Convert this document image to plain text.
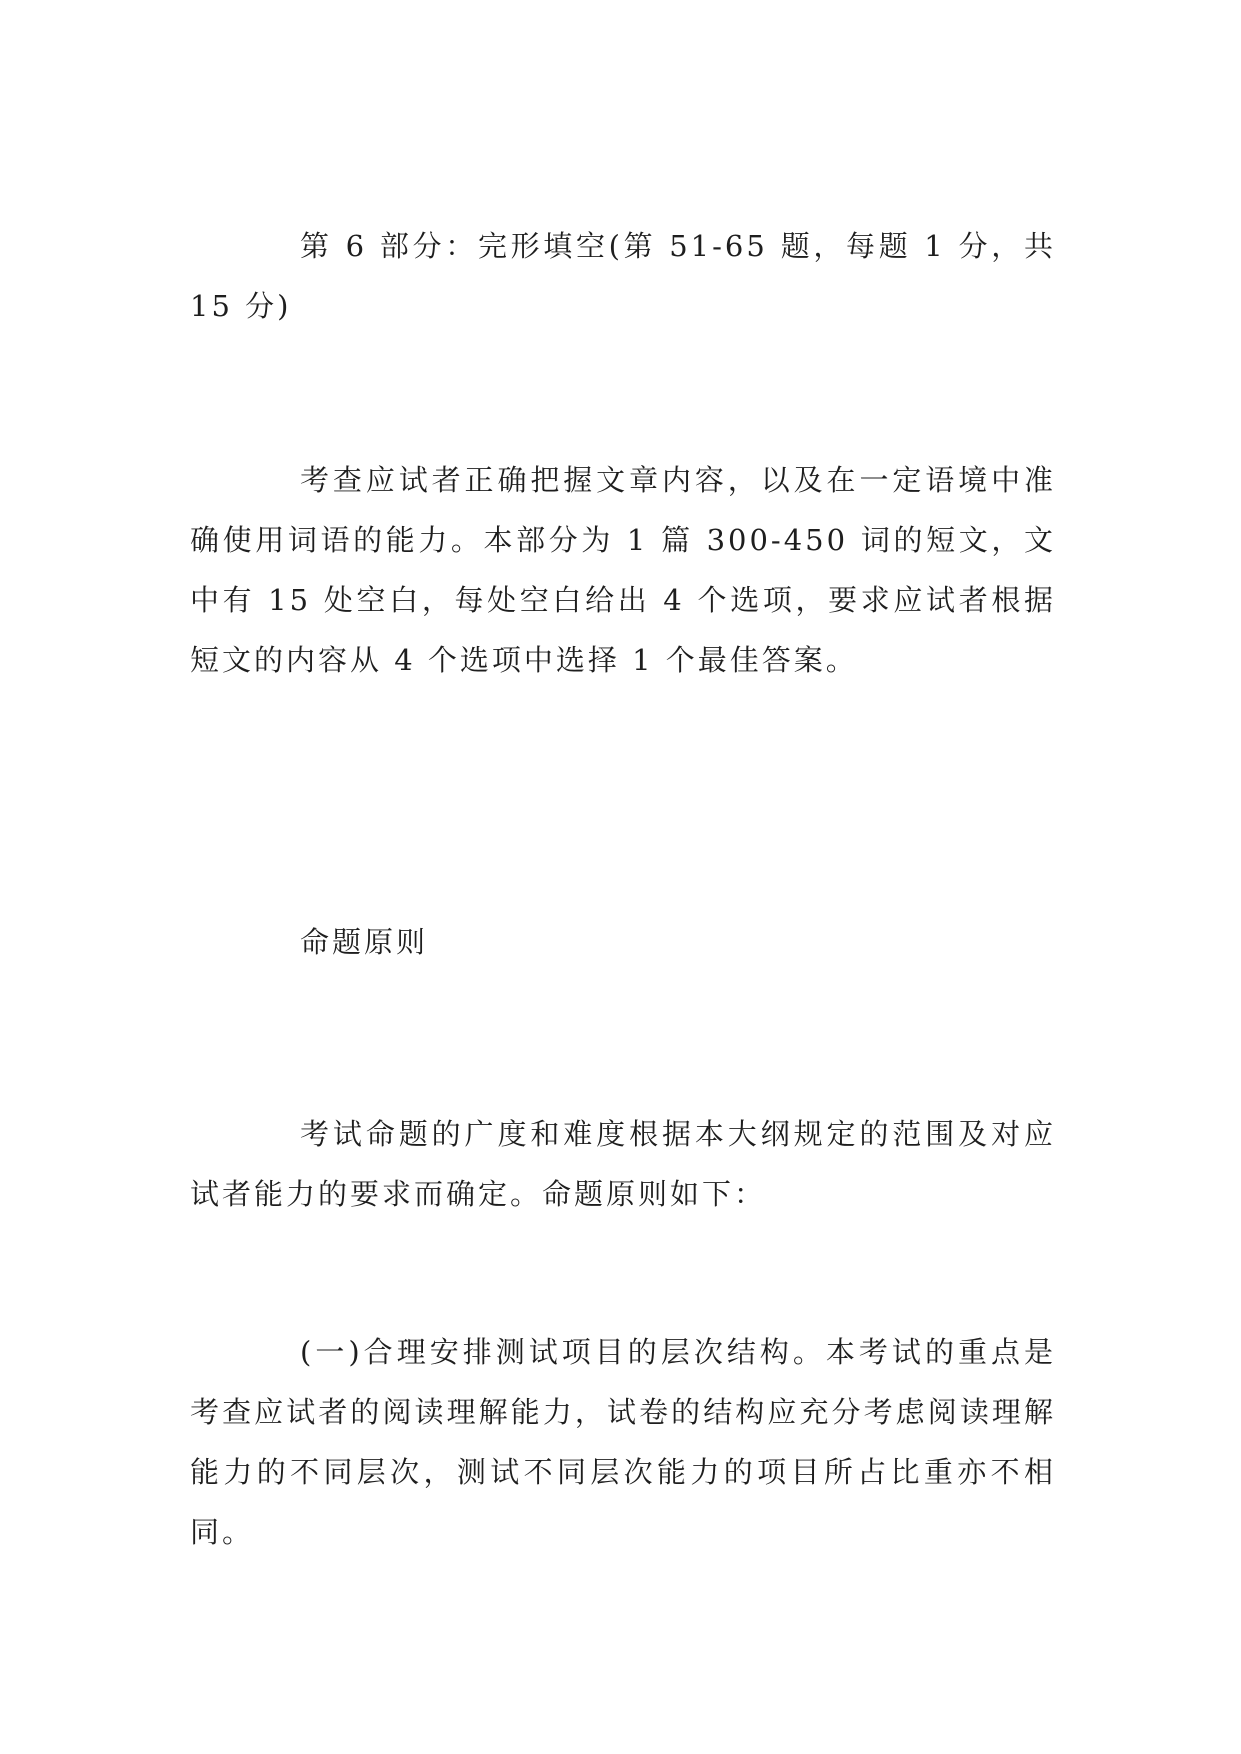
第 6 部分：完形填空(第 51-65 题，每题 1 分，共 15 分)

考查应试者正确把握文章内容，以及在一定语境中准确使用词语的能力。本部分为 1 篇 300-450 词的短文，文中有 15 处空白，每处空白给出 4 个选项，要求应试者根据短文的内容从 4 个选项中选择 1 个最佳答案。

命题原则

考试命题的广度和难度根据本大纲规定的范围及对应试者能力的要求而确定。命题原则如下：

(一)合理安排测试项目的层次结构。本考试的重点是考查应试者的阅读理解能力，试卷的结构应充分考虑阅读理解能力的不同层次，测试不同层次能力的项目所占比重亦不相同。
